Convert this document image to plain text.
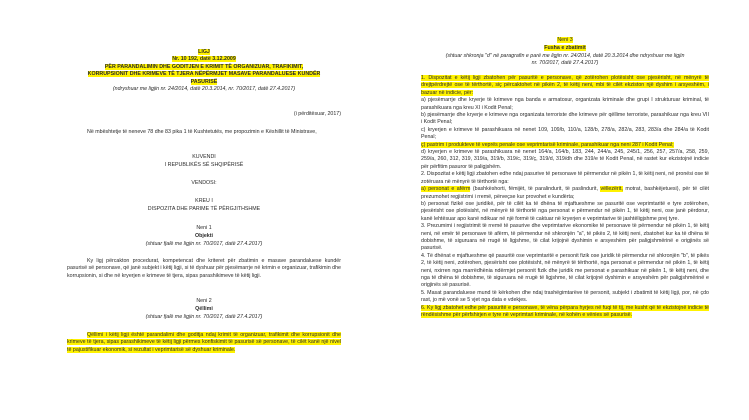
LIGJ

Nr. 10 192, datë 3.12.2009

PËR PARANDALIMIN DHE GODITJEN E KRIMIT TË ORGANIZUAR, TRAFIKIMIT,

KORRUPSIONIT DHE KRIMEVE TË TJERA NËPËRMJET MASAVE PARANDALUESE KUNDËR

PASURISË

(ndryshuar me ligjin nr. 24/2014, datë 20.3.2014, nr. 70/2017, datë 27.4.2017)

(i përditësuar, 2017)

Në mbështetje të neneve 78 dhe 83 pika 1 të Kushtetutës, me propozimin e Këshillit të Ministrave,

KUVENDI

I REPUBLIKËS SË SHQIPËRISË

VENDOSI:

KREU I

DISPOZITA DHE PARIME TË PËRGJITHSHME

Neni 1

Objekti

(shtuar fjalë me ligjin nr. 70/2017, datë 27.4.2017)

Ky ligj përcakton procedurat, kompetencat dhe kriteret për zbatimin e masave parandaluese kundër pasurisë së personave, që janë subjekt i këtij ligji, si të dyshuar për pjesëmarrje në krimin e organizuar, trafikimin dhe korrupsionin, si dhe në kryerjen e krimeve të tjera, sipas parashikimeve të këtij ligji.

Neni 2

Qëllimi

(shtuar fjalë me ligjin nr. 70/2017, datë 27.4.2017)

Qëllimi i këtij ligji është parandalimi dhe goditja ndaj krimit të organizuar, trafikimit dhe korrupsionit dhe krimeve të tjera, sipas parashikimeve të këtij ligji përmes konfiskimit të pasurisë së personave, të cilët kanë një nivel të pajustifikuar ekonomik, si rezultat i veprimtarisë së dyshuar kriminale.

Neni 3

Fusha e zbatimit

(shtuar shkronja "d" në paragrafin e parë me ligjin nr. 24/2014, datë 20.3.2014 dhe ndryshuar me ligjin nr. 70/2017, datë 27.4.2017)

1. Dispozitat e këtij ligji zbatohen për pasuritë e personave, që zotërohen plotësisht ose pjesërisht, në mënyrë të drejtpërdrejtë ose të tërthortë, siç përcaktohet në pikën 2, të këtij neni, mbi të cilët ekziston një dyshim i arsyeshëm, i bazuar në indicie, për:

a) pjesëmarrje dhe kryerje të krimeve nga banda e armatosur, organizata kriminale dhe grupi I strukturuar kriminal, të parashikuara nga kreu XI i Kodit Penal;

b) pjesëmarrje dhe kryerje e krimeve nga organizata terroriste dhe krimeve për qëllime terroriste, parashikuar nga kreu VII i Kodit Penal;

c) kryerjen e krimeve të parashikuara në nenet 109, 109/b, 110/a, 128/b, 278/a, 282/a, 283, 283/a dhe 284/a të Kodit Penal;

ç) pastrim i produkteve të veprës penale ose veprimtarisë kriminale, parashikuar nga neni 287 i Kodit Penal;

d) kryerjen e krimeve të parashikuara në nenet 164/a, 164/b, 183, 244, 244/a, 245, 245/1, 256, 257, 257/a, 258, 259, 259/a, 260, 312, 319, 319/a, 319/b, 319/c, 319/ç, 319/d, 319/dh dhe 319/e të Kodit Penal, në rastet kur ekzistojnë indicie për përfitim pasuror të paligjshëm.

2. Dispozitat e këtij ligji zbatohen edhe ndaj pasurive të personave të përmendur në pikën 1, të këtij neni, në pronësi ose të zotëruara në mënyrë të tërthortë nga:

a) personat e afërm (bashkëshorti, fëmijët, të paralindurit, të paslindurit, vëllezërit, motrat, bashkëjetuesi), për të cilët prezumohet regjistrimi i rremë, përveçse kur provohet e kundërta;

b) personat fizikë ose juridikë, për të cilët ka të dhëna të mjaftueshme se pasuritë ose veprimtaritë e tyre zotërohen, pjesërisht ose plotësisht, në mënyrë të tërthortë nga personat e përmendur në pikën 1, të këtij neni, ose janë përdorur, kanë lehtësuar apo kanë ndikuar në një formë të caktuar në kryerjen e veprimtarive të jashtëligjshme prej tyre.

3. Prezumimi i regjistrimit të rremë të pasurive dhe veprimtarive ekonomike të personave të përmendur në pikën 1, të këtij neni, në emër të personave të afërm, të përmendur në shkronjën "a", të pikës 2, të këtij neni, zbatohet kur ka të dhëna të dobishme, të siguruara në rrugë të ligjshme, të cilat krijojnë dyshimin e arsyeshëm për paligjshmërinë e origjinës së pasurisë.

4. Të dhënat e mjaftueshme që pasuritë ose veprimtaritë e personit fizik ose juridik të përmendur në shkronjën "b", të pikës 2, të këtij neni, zotërohen, pjesërisht ose plotësisht, në mënyrë të tërthortë, nga personat e përmendur në pikën 1, të këtij neni, nxirren nga marrëdhënia ndërmjet personit fizik dhe juridik me personat e parashikuar në pikën 1, të këtij neni, dhe nga të dhëna të dobishme, të siguruara në rrugë të ligjshme, të cilat krijojnë dyshimin e arsyeshëm për paligjshmërinë e origjinës së pasurisë.

5. Masat parandaluese mund të kërkohen dhe ndaj trashëgimtarëve të personit, subjekt i zbatimit të këtij ligji, por, në çdo rast, jo më vonë se 5 vjet nga data e vdekjes.

6. Ky ligj zbatohet edhe për pasuritë e personave, të vëna përpara hyrjes në fuqi të tij, me kusht që të ekzistojnë indicie të rëndësishme për përfshirjen e tyre në veprimtari kriminale, në kohën e vënies së pasurisë.
